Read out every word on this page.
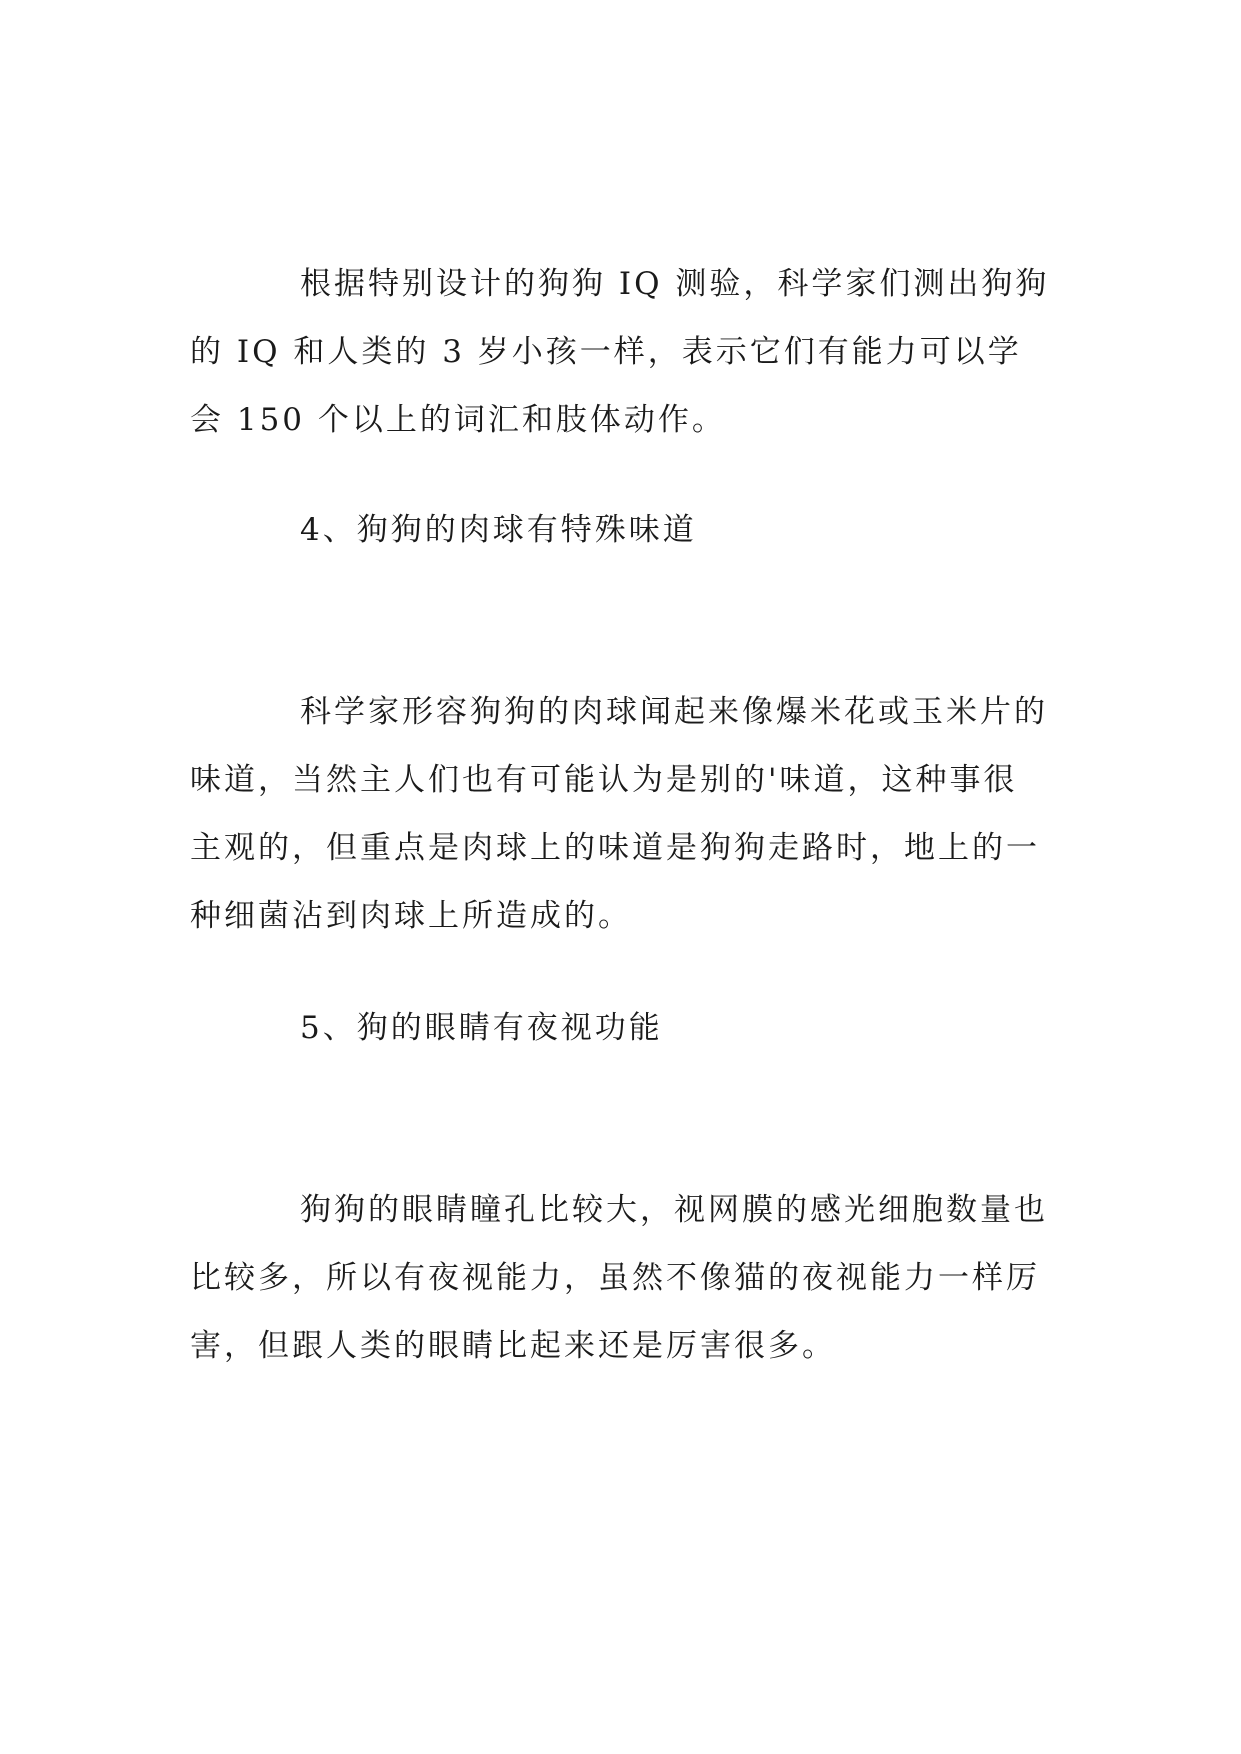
根据特别设计的狗狗 IQ 测验，科学家们测出狗狗的 IQ 和人类的 3 岁小孩一样，表示它们有能力可以学会 150 个以上的词汇和肢体动作。

4、狗狗的肉球有特殊味道

科学家形容狗狗的肉球闻起来像爆米花或玉米片的味道，当然主人们也有可能认为是别的'味道，这种事很主观的，但重点是肉球上的味道是狗狗走路时，地上的一种细菌沾到肉球上所造成的。

5、狗的眼睛有夜视功能

狗狗的眼睛瞳孔比较大，视网膜的感光细胞数量也比较多，所以有夜视能力，虽然不像猫的夜视能力一样厉害，但跟人类的眼睛比起来还是厉害很多。
